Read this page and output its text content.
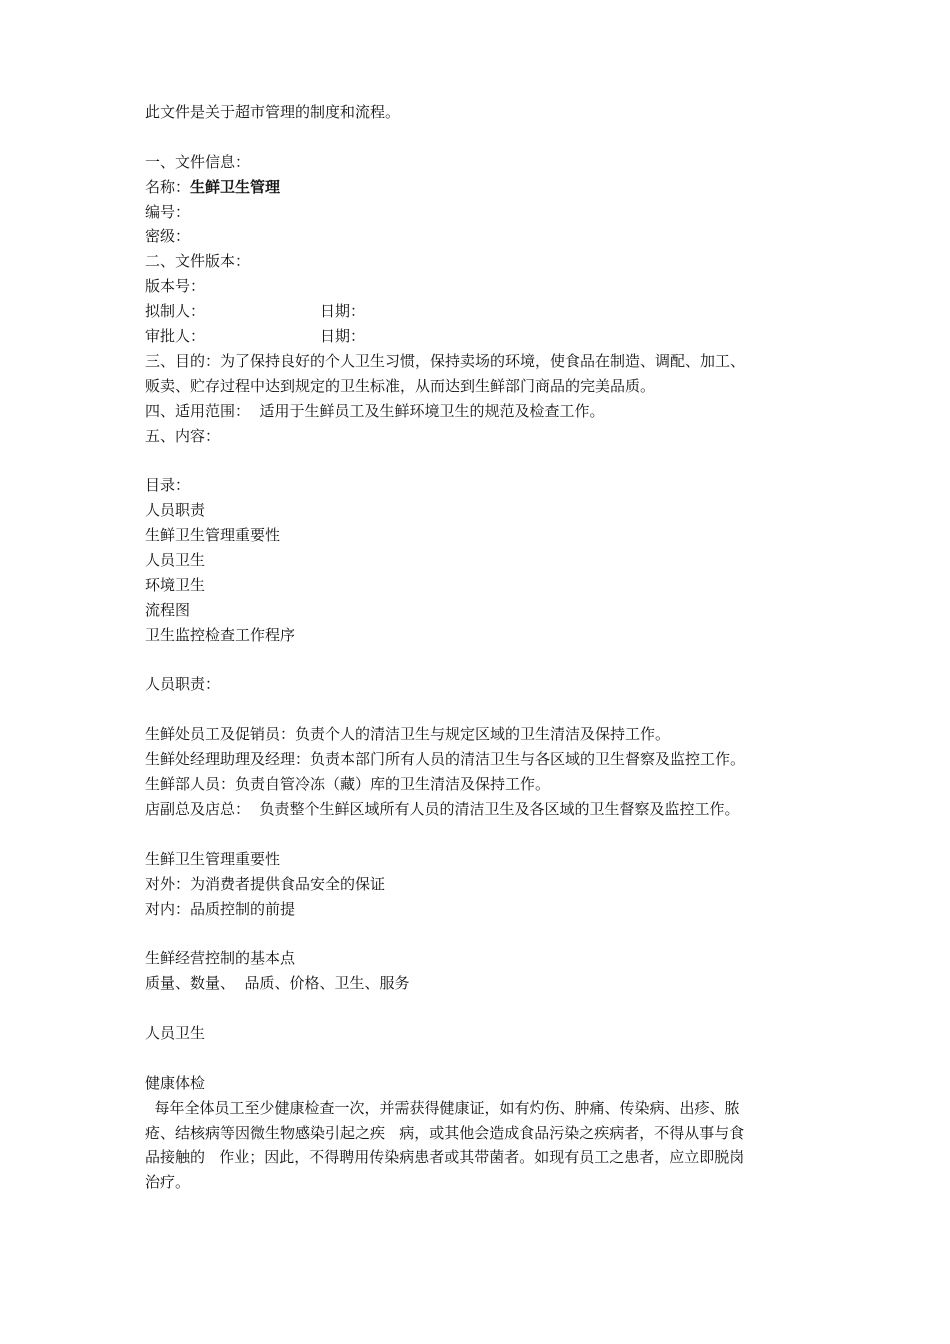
此文件是关于超市管理的制度和流程。
一、文件信息：
名称：生鲜卫生管理
编号：
密级：
二、文件版本：
版本号：
拟制人：	日期：
审批人：	日期：
三、目的：为了保持良好的个人卫生习惯，保持卖场的环境，使食品在制造、调配、加工、
贩卖、贮存过程中达到规定的卫生标准，从而达到生鲜部门商品的完美品质。
四、适用范围：  适用于生鲜员工及生鲜环境卫生的规范及检查工作。
五、内容：
目录：
人员职责
生鲜卫生管理重要性
人员卫生
环境卫生
流程图
卫生监控检查工作程序
人员职责：
生鲜处员工及促销员：负责个人的清洁卫生与规定区域的卫生清洁及保持工作。
生鲜处经理助理及经理：负责本部门所有人员的清洁卫生与各区域的卫生督察及监控工作。
生鲜部人员：负责自管冷冻（藏）库的卫生清洁及保持工作。
店副总及店总：  负责整个生鲜区域所有人员的清洁卫生及各区域的卫生督察及监控工作。
生鲜卫生管理重要性
对外：为消费者提供食品安全的保证
对内：品质控制的前提
生鲜经营控制的基本点
质量、数量、  品质、价格、卫生、服务
人员卫生
健康体检
每年全体员工至少健康检查一次，并需获得健康证，如有灼伤、肿痛、传染病、出疹、脓
疮、结核病等因微生物感染引起之疾   病，或其他会造成食品污染之疾病者，不得从事与食
品接触的   作业；因此，不得聘用传染病患者或其带菌者。如现有员工之患者，应立即脱岗
治疗。
